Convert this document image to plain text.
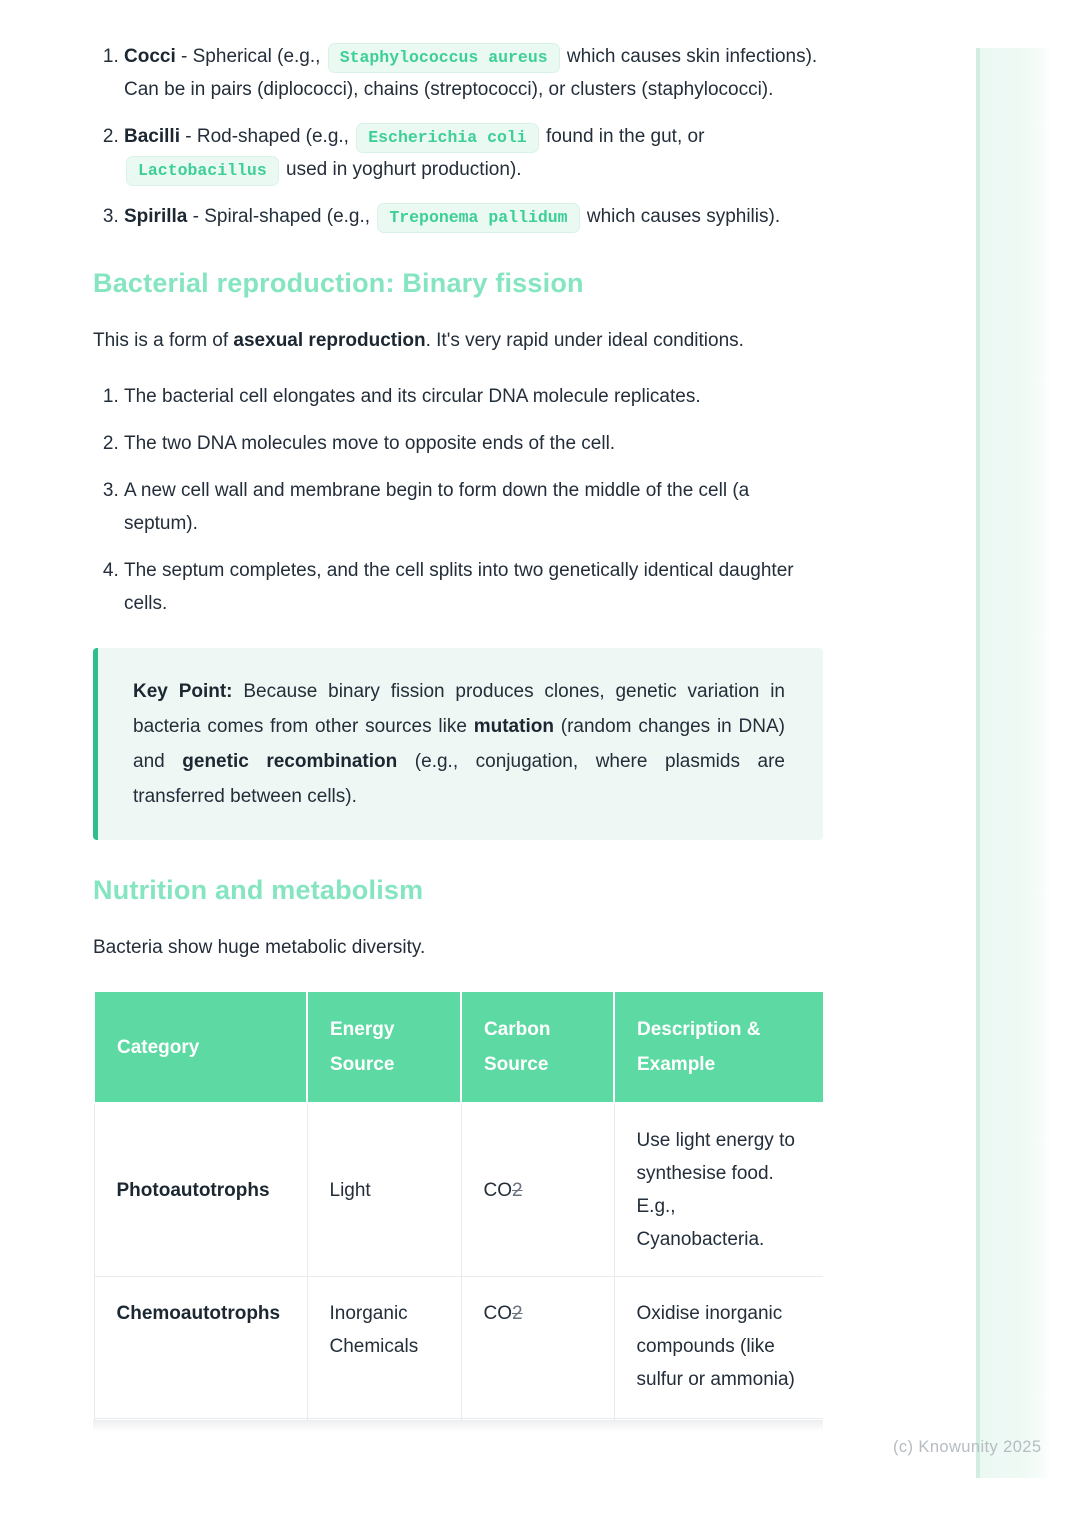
1. Cocci - Spherical (e.g., Staphylococcus aureus which causes skin infections). Can be in pairs (diplococci), chains (streptococci), or clusters (staphylococci).
2. Bacilli - Rod-shaped (e.g., Escherichia coli found in the gut, or Lactobacillus used in yoghurt production).
3. Spirilla - Spiral-shaped (e.g., Treponema pallidum which causes syphilis).
Bacterial reproduction: Binary fission

This is a form of asexual reproduction. It's very rapid under ideal conditions.

1. The bacterial cell elongates and its circular DNA molecule replicates.
2. The two DNA molecules move to opposite ends of the cell.
3. A new cell wall and membrane begin to form down the middle of the cell (a septum).
4. The septum completes, and the cell splits into two genetically identical daughter cells.

Key Point: Because binary fission produces clones, genetic variation in bacteria comes from other sources like mutation (random changes in DNA) and genetic recombination (e.g., conjugation, where plasmids are transferred between cells).

Nutrition and metabolism

Bacteria show huge metabolic diversity.

Category	Energy Source	Carbon Source	Description & Example
Photoautotrophs	Light	CO2	Use light energy to synthesise food. E.g., Cyanobacteria.
Chemoautotrophs	Inorganic Chemicals	CO2	Oxidise inorganic compounds (like sulfur or ammonia)

(c) Knowunity 2025
